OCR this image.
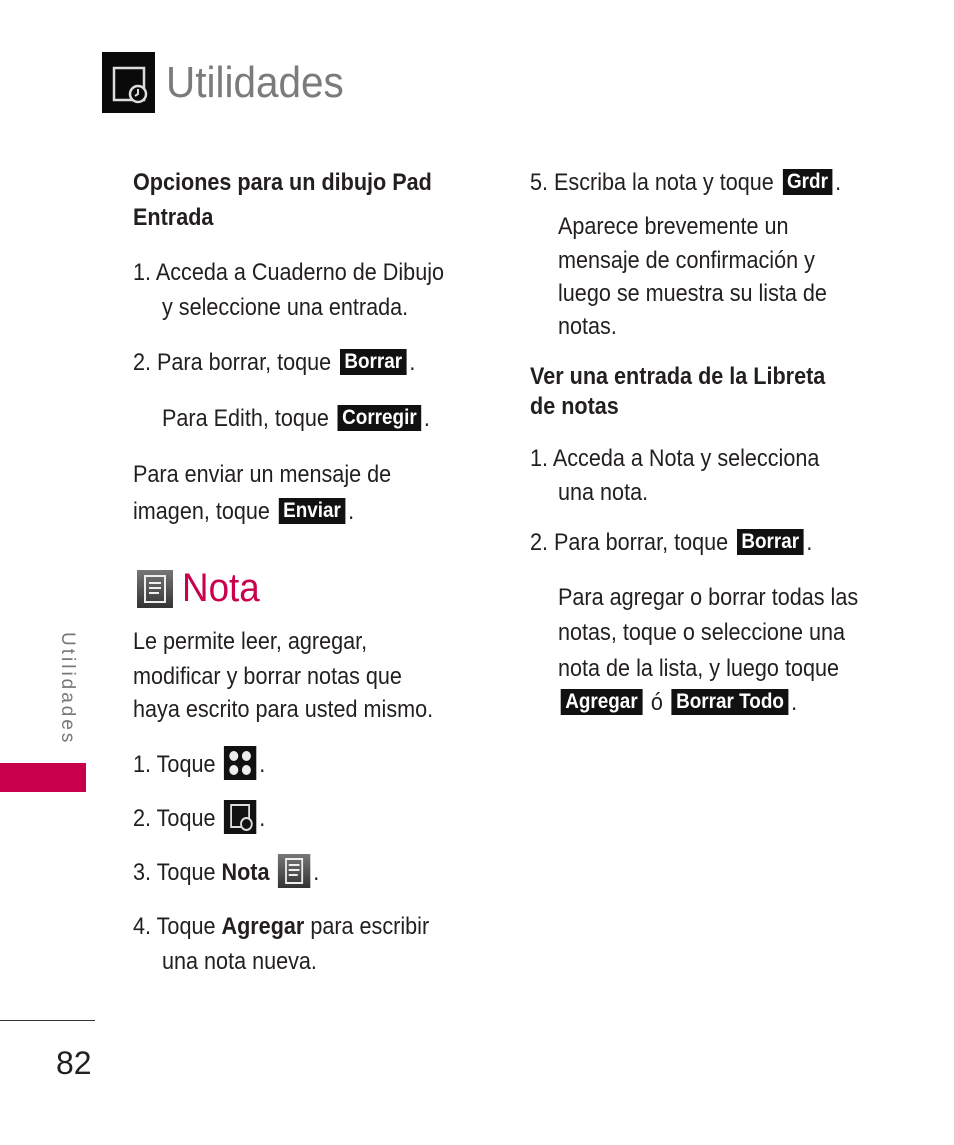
Utilidades
Opciones para un dibujo Pad
Entrada
1. Acceda a Cuaderno de Dibujo
y seleccione una entrada.
2. Para borrar, toque Borrar .
Para Edith, toque Corregir .
Para enviar un mensaje de
imagen, toque Enviar .
Nota
Le permite leer, agregar,
modificar y borrar notas que
haya escrito para usted mismo.
1. Toque .
2. Toque .
3. Toque Nota .
4. Toque Agregar para escribir
una nota nueva.
5. Escriba la nota y toque Grdr .
Aparece brevemente un
mensaje de confirmación y
luego se muestra su lista de
notas.
Ver una entrada de la Libreta
de notas
1. Acceda a Nota y selecciona
una nota.
2. Para borrar, toque Borrar .
Para agregar o borrar todas las
notas, toque o seleccione una
nota de la lista, y luego toque
Agregar ó Borrar Todo .
Utilidades
82
